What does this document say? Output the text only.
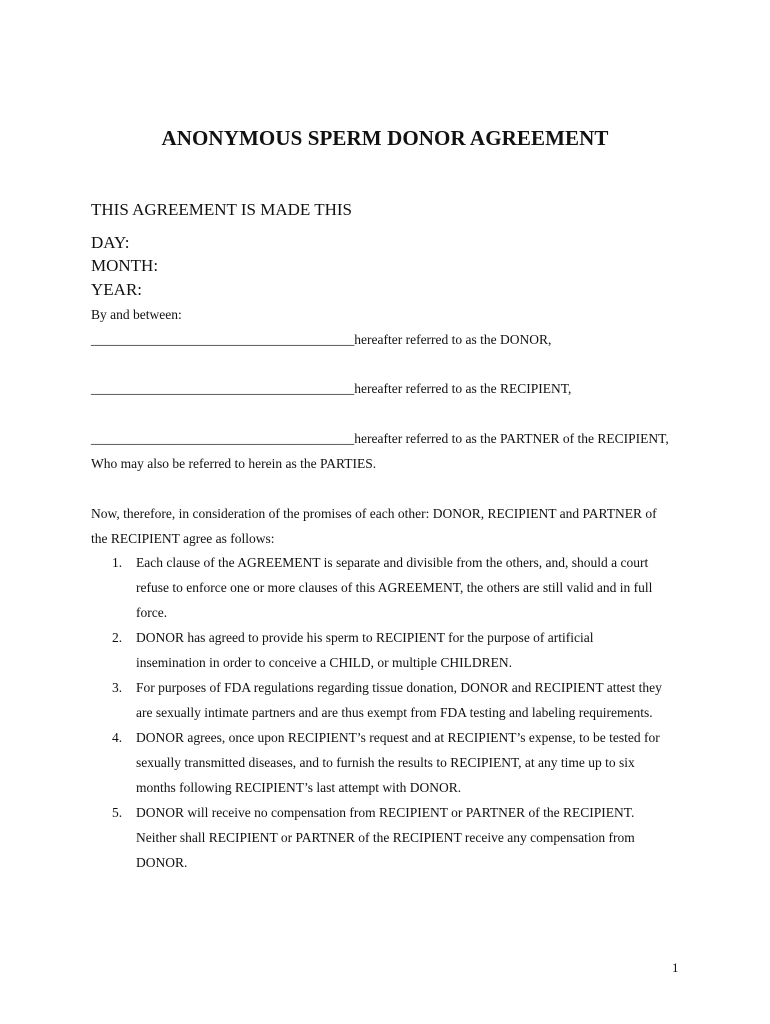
ANONYMOUS SPERM DONOR AGREEMENT
THIS AGREEMENT IS MADE THIS
DAY:
MONTH:
YEAR:
By and between:
_______________________________________hereafter referred to as the DONOR,
_______________________________________hereafter referred to as the RECIPIENT,
_______________________________________hereafter referred to as the PARTNER of the RECIPIENT,
Who may also be referred to herein as the PARTIES.
Now, therefore, in consideration of the promises of each other: DONOR, RECIPIENT and PARTNER of
the RECIPIENT agree as follows:
1. Each clause of the AGREEMENT is separate and divisible from the others, and, should a court
refuse to enforce one or more clauses of this AGREEMENT, the others are still valid and in full
force.
2. DONOR has agreed to provide his sperm to RECIPIENT for the purpose of artificial
insemination in order to conceive a CHILD, or multiple CHILDREN.
3. For purposes of FDA regulations regarding tissue donation, DONOR and RECIPIENT attest they
are sexually intimate partners and are thus exempt from FDA testing and labeling requirements.
4. DONOR agrees, once upon RECIPIENT’s request and at RECIPIENT’s expense, to be tested for
sexually transmitted diseases, and to furnish the results to RECIPIENT, at any time up to six
months following RECIPIENT’s last attempt with DONOR.
5. DONOR will receive no compensation from RECIPIENT or PARTNER of the RECIPIENT.
Neither shall RECIPIENT or PARTNER of the RECIPIENT receive any compensation from
DONOR.
1
